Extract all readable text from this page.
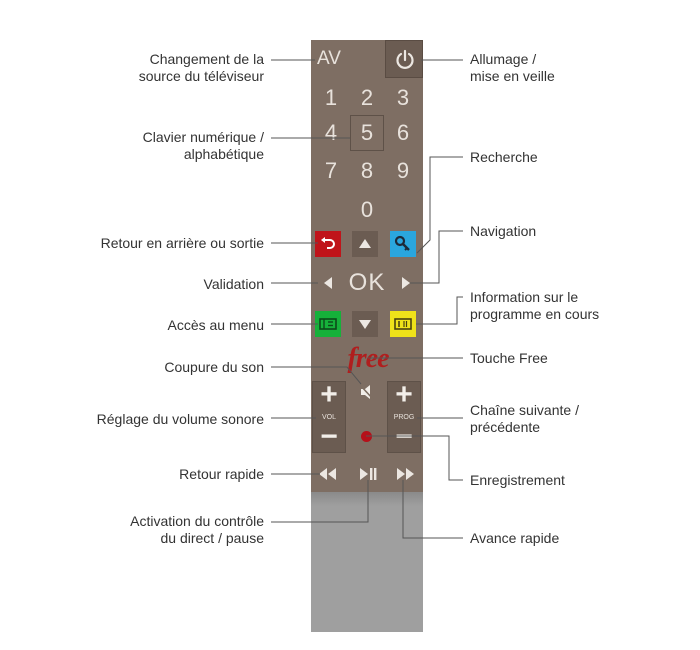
AV
1	2	3
4	5	6
7	8	9
0
OK
free
+
VOL
−
+
PROG
−
Changement de la
source du téléviseur
Clavier numérique /
alphabétique
Retour en arrière ou sortie
Validation
Accès au menu
Coupure du son
Réglage du volume sonore
Retour rapide
Activation du contrôle
du direct / pause
Allumage /
mise en veille
Recherche
Navigation
Information sur le
programme en cours
Touche Free
Chaîne suivante /
précédente
Enregistrement
Avance rapide
